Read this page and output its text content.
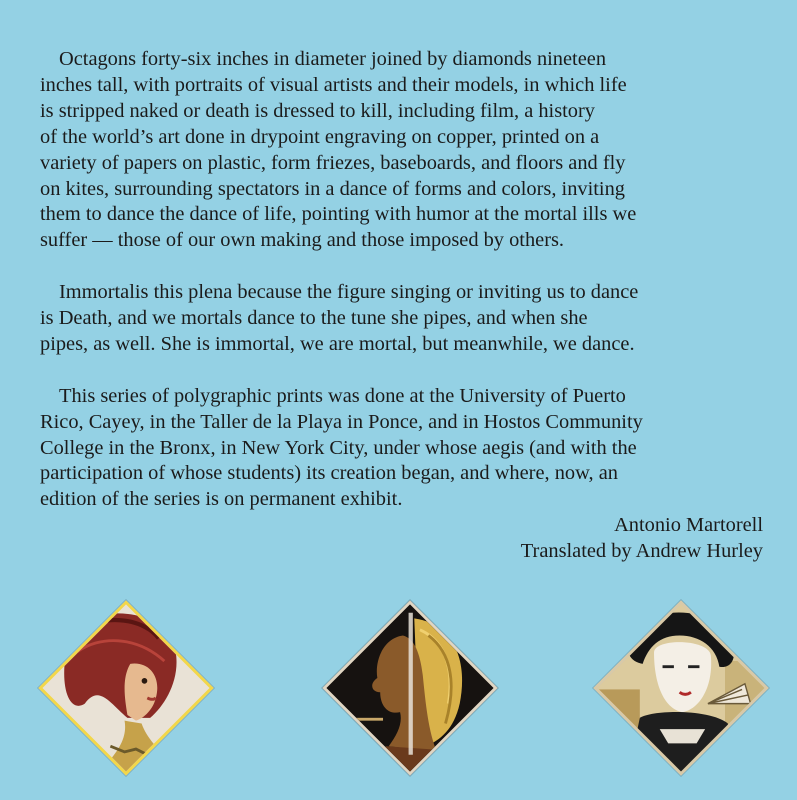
Octagons forty-six inches in diameter joined by diamonds nineteen
inches tall, with portraits of visual artists and their models, in which life
is stripped naked or death is dressed to kill, including film, a history
of the world’s art done in drypoint engraving on copper, printed on a
variety of papers on plastic, form friezes, baseboards, and floors and fly
on kites, surrounding spectators in a dance of forms and colors, inviting
them to dance the dance of life, pointing with humor at the mortal ills we
suffer — those of our own making and those imposed by others.

Immortalis this plena because the figure singing or inviting us to dance
is Death, and we mortals dance to the tune she pipes, and when she
pipes, as well. She is immortal, we are mortal, but meanwhile, we dance.

This series of polygraphic prints was done at the University of Puerto
Rico, Cayey, in the Taller de la Playa in Ponce, and in Hostos Community
College in the Bronx, in New York City, under whose aegis (and with the
participation of whose students) its creation began, and where, now, an
edition of the series is on permanent exhibit.

Antonio Martorell
Translated by Andrew Hurley
